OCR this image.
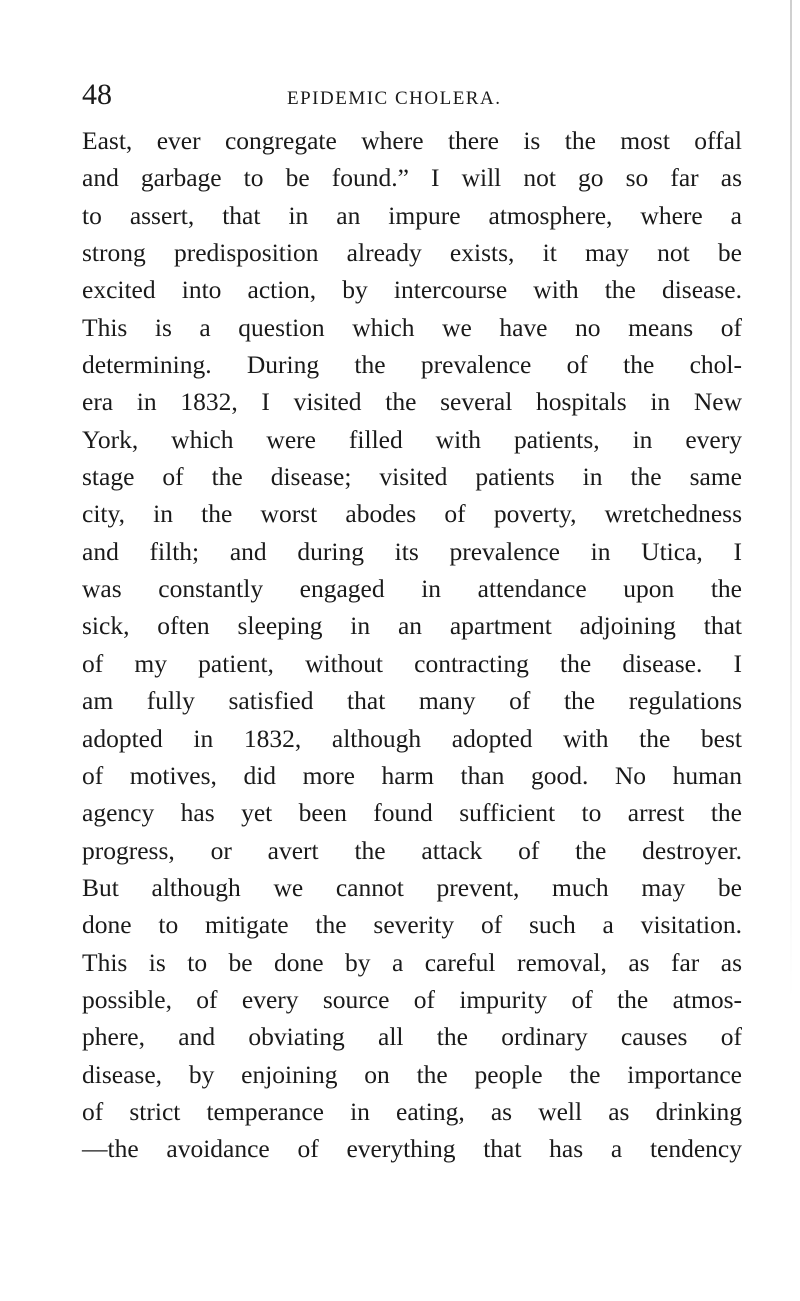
48	EPIDEMIC CHOLERA.
East, ever congregate where there is the most offal
and garbage to be found.” I will not go so far as
to assert, that in an impure atmosphere, where a
strong predisposition already exists, it may not be
excited into action, by intercourse with the disease.
This is a question which we have no means of
determining. During the prevalence of the chol-
era in 1832, I visited the several hospitals in New
York, which were filled with patients, in every
stage of the disease; visited patients in the same
city, in the worst abodes of poverty, wretchedness
and filth; and during its prevalence in Utica, I
was constantly engaged in attendance upon the
sick, often sleeping in an apartment adjoining that
of my patient, without contracting the disease. I
am fully satisfied that many of the regulations
adopted in 1832, although adopted with the best
of motives, did more harm than good. No human
agency has yet been found sufficient to arrest the
progress, or avert the attack of the destroyer.
But although we cannot prevent, much may be
done to mitigate the severity of such a visitation.
This is to be done by a careful removal, as far as
possible, of every source of impurity of the atmos-
phere, and obviating all the ordinary causes of
disease, by enjoining on the people the importance
of strict temperance in eating, as well as drinking
—the avoidance of everything that has a tendency
